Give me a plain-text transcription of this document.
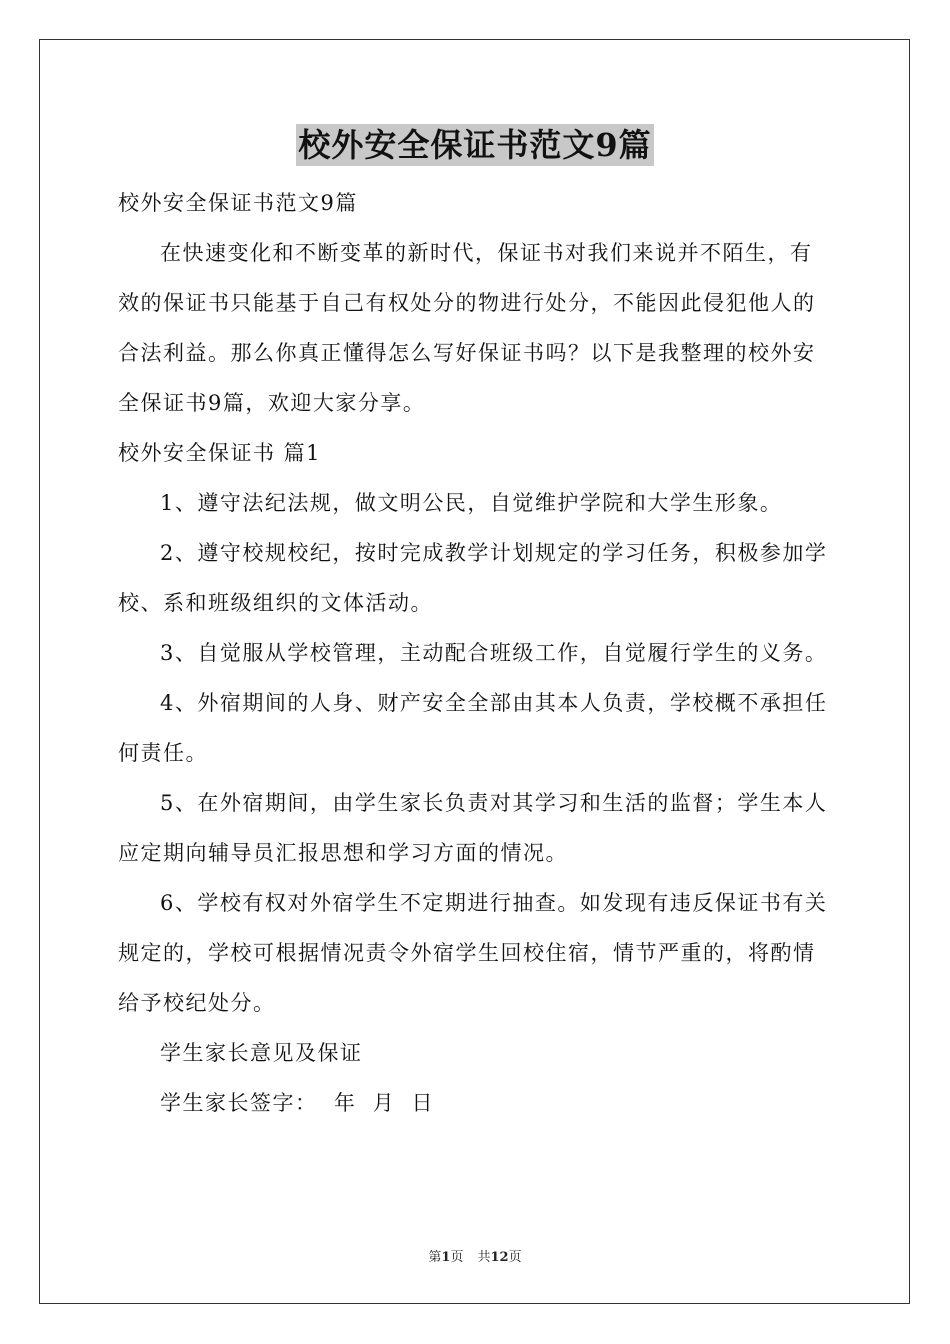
校外安全保证书范文9篇

校外安全保证书范文9篇

在快速变化和不断变革的新时代，保证书对我们来说并不陌生，有效的保证书只能基于自己有权处分的物进行处分，不能因此侵犯他人的合法利益。那么你真正懂得怎么写好保证书吗？以下是我整理的校外安全保证书9篇，欢迎大家分享。

校外安全保证书 篇1

1、遵守法纪法规，做文明公民，自觉维护学院和大学生形象。

2、遵守校规校纪，按时完成教学计划规定的学习任务，积极参加学校、系和班级组织的文体活动。

3、自觉服从学校管理，主动配合班级工作，自觉履行学生的义务。

4、外宿期间的人身、财产安全全部由其本人负责，学校概不承担任何责任。

5、在外宿期间，由学生家长负责对其学习和生活的监督；学生本人应定期向辅导员汇报思想和学习方面的情况。

6、学校有权对外宿学生不定期进行抽查。如发现有违反保证书有关规定的，学校可根据情况责令外宿学生回校住宿，情节严重的，将酌情给予校纪处分。

学生家长意见及保证

学生家长签字：  年  月  日

第1页 共12页
